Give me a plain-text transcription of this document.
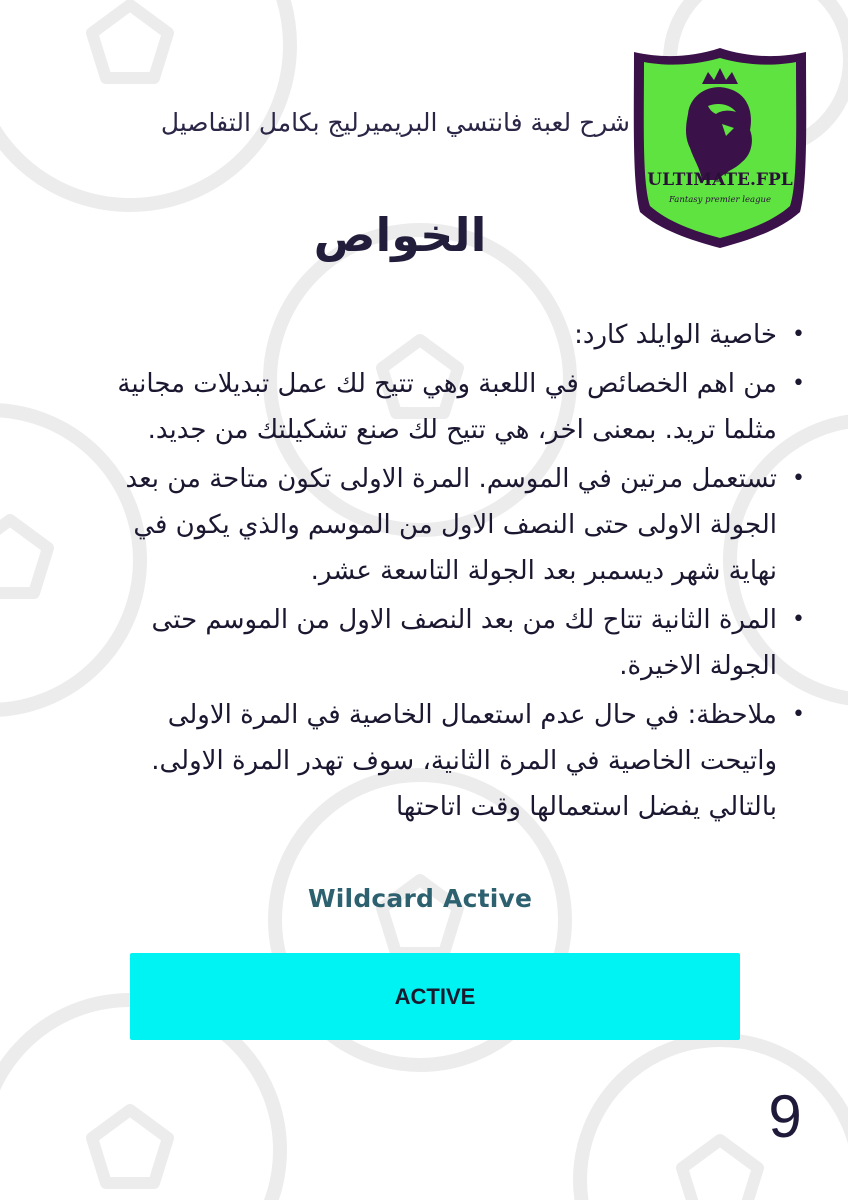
شرح لعبة فانتسي البريميرليج بكامل التفاصيل
ULTIMATE.FPL
Fantasy premier league
الخواص
•
خاصية الوايلد كارد:
•
من اهم الخصائص في اللعبة وهي تتيح لك عمل تبديلات مجانية مثلما تريد. بمعنى اخر، هي تتيح لك صنع تشكيلتك من جديد.
•
تستعمل مرتين في الموسم. المرة الاولى تكون متاحة من بعد الجولة الاولى حتى النصف الاول من الموسم والذي يكون في نهاية شهر ديسمبر بعد الجولة التاسعة عشر.
•
المرة الثانية تتاح لك من بعد النصف الاول من الموسم حتى الجولة الاخيرة.
•
ملاحظة: في حال عدم استعمال الخاصية في المرة الاولى واتيحت الخاصية في المرة الثانية، سوف تهدر المرة الاولى. بالتالي يفضل استعمالها وقت اتاحتها
Wildcard Active
ACTIVE
9
